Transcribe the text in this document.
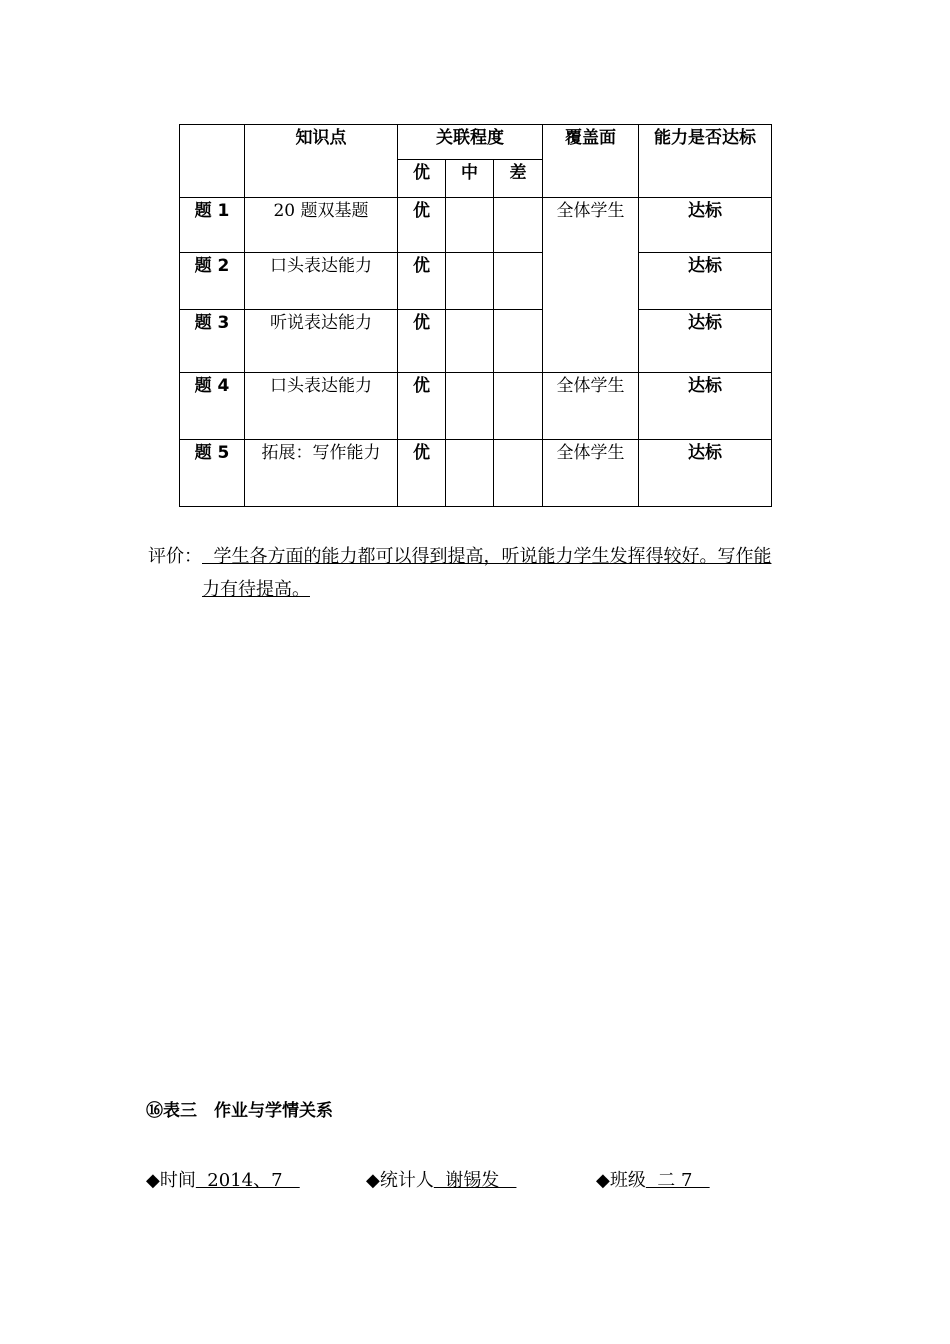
	知识点	关联程度			覆盖面	能力是否达标

		优	中	差		

题 1	20 题双基题	优			全体学生	达标

题 2	口头表达能力	优				达标

题 3	听说表达能力	优				达标

题 4	口头表达能力	优			全体学生	达标

题 5	拓展：写作能力	优			全体学生	达标
评价：  学生各方面的能力都可以得到提高，听说能力学生发挥得较好。写作能
力有待提高。
⑯表三　作业与学情关系
◆时间  2014、7	◆统计人  谢锡发	◆班级  二 7
